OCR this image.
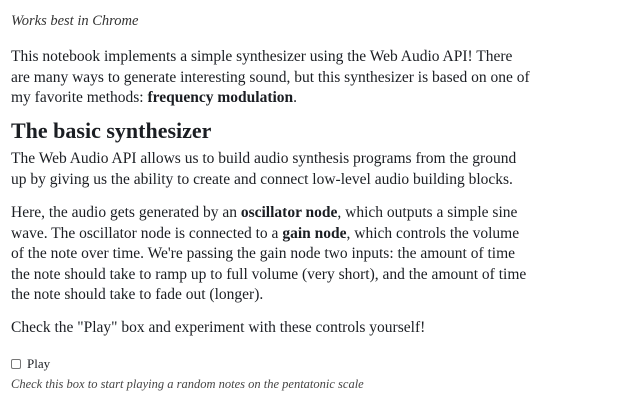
Works best in Chrome

This notebook implements a simple synthesizer using the Web Audio API! There are many ways to generate interesting sound, but this synthesizer is based on one of my favorite methods: frequency modulation.

The basic synthesizer

The Web Audio API allows us to build audio synthesis programs from the ground up by giving us the ability to create and connect low-level audio building blocks.

Here, the audio gets generated by an oscillator node, which outputs a simple sine wave. The oscillator node is connected to a gain node, which controls the volume of the note over time. We're passing the gain node two inputs: the amount of time the note should take to ramp up to full volume (very short), and the amount of time the note should take to fade out (longer).

Check the "Play" box and experiment with these controls yourself!

Play

Check this box to start playing a random notes on the pentatonic scale
